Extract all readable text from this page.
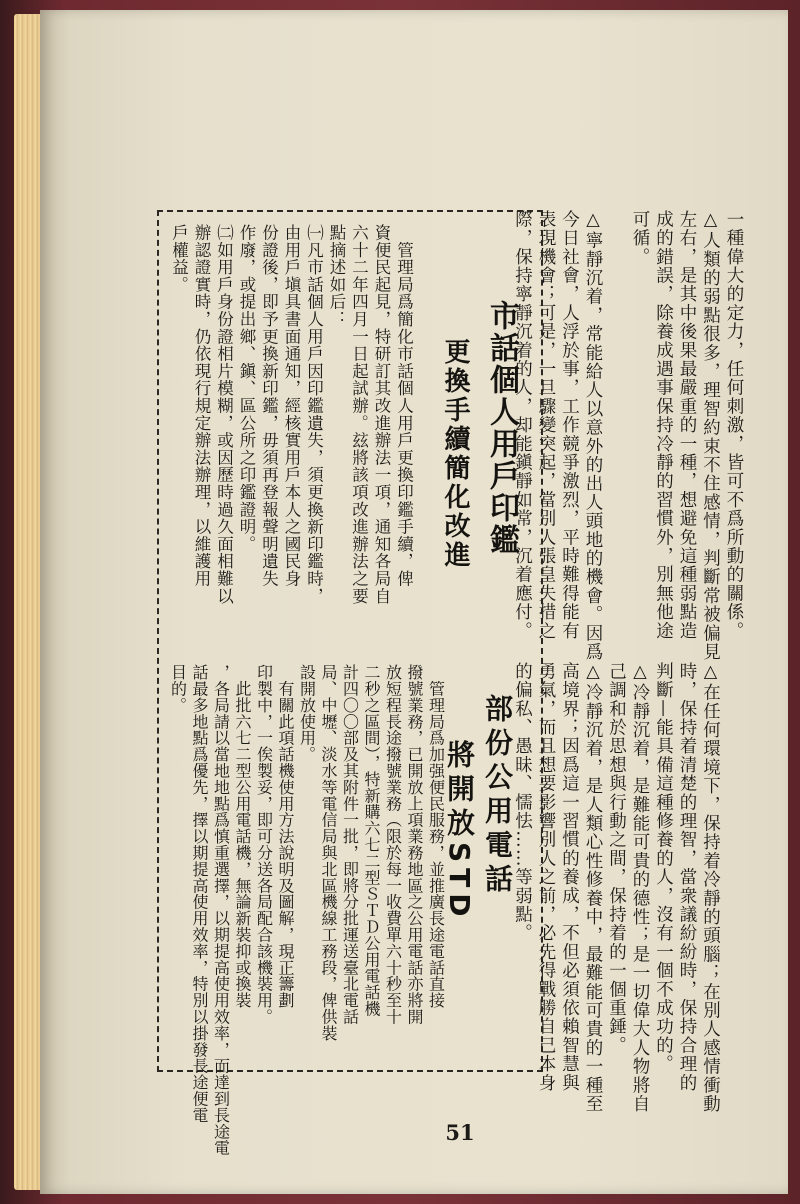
一種偉大的定力，任何刺激，皆可不爲所動的關係。
△人類的弱點很多，理智約束不住感情，判斷常被偏見
左右，是其中後果最嚴重的一種，想避免這種弱點造
成的錯誤，除養成遇事保持冷靜的習慣外，別無他途
可循。

△寧靜沉着，常能給人以意外的出人頭地的機會。因爲
今日社會，人浮於事，工作競爭激烈，平時難得能有
表現機會；可是，一旦驟變突起，當別人張皇失措之
際，保持寧靜沉着的人，却能鎭靜如常，沉着應付。
△在任何環境下，保持着冷靜的頭腦；在別人感情衝動
時，保持着清楚的理智，當衆議紛紛時，保持合理的
判斷—能具備這種修養的人，沒有一個不成功的。
△冷靜沉着，是難能可貴的德性；是一切偉大人物將自
己調和於思想與行動之間，保持着的一個重錘。
△冷靜沉着，是人類心性修養中，最難能可貴的一種至
高境界；因爲這一習慣的養成，不但必須依賴智慧與
勇氣，而且想要影響別人之前，必先得戰勝自己本身
的偏私、愚昧、懦怯……等弱點。
市話個人用戶印鑑
更換手續簡化改進
　管理局爲簡化市話個人用戶更換印鑑手續，俾
資便民起見，特研訂其改進辦法一項，通知各局自
六十二年四月一日起試辦。玆將該項改進辦法之要
點摘述如后：
㈠凡市話個人用戶因印鑑遺失，須更換新印鑑時，
由用戶塡具書面通知，經核實用戶本人之國民身
份證後，即予更換新印鑑，毋須再登報聲明遺失
作廢，或提出鄉、鎭、區公所之印鑑證明。
㈡如用戶身份證相片模糊，或因歷時過久面相難以
辦認證實時，仍依現行規定辦法辦理，以維護用
戶權益。
部份公用電話
將開放STD
　管理局爲加强便民服務，並推廣長途電話直接
撥號業務，已開放上項業務地區之公用電話亦將開
放短程長途撥號業務（限於每一收費單六十秒至十
二秒之區間），特新購六七二型ＳＴＤ公用電話機
計四〇〇部及其附件一批，即將分批運送臺北電話
局、中壢、淡水等電信局與北區機線工務段，俾供裝
設開放使用。
　有關此項話機使用方法說明及圖解，現正籌劃
印製中，一俟製妥，即可分送各局配合該機裝用。
　此批六七二型公用電話機，無論新裝抑或換裝
，各局請以當地地點爲慎重選擇，以期提高使用效率，而達到長途電
話最多地點爲優先，擇以期提高使用效率，特別以掛發長途便電
目的。
51
